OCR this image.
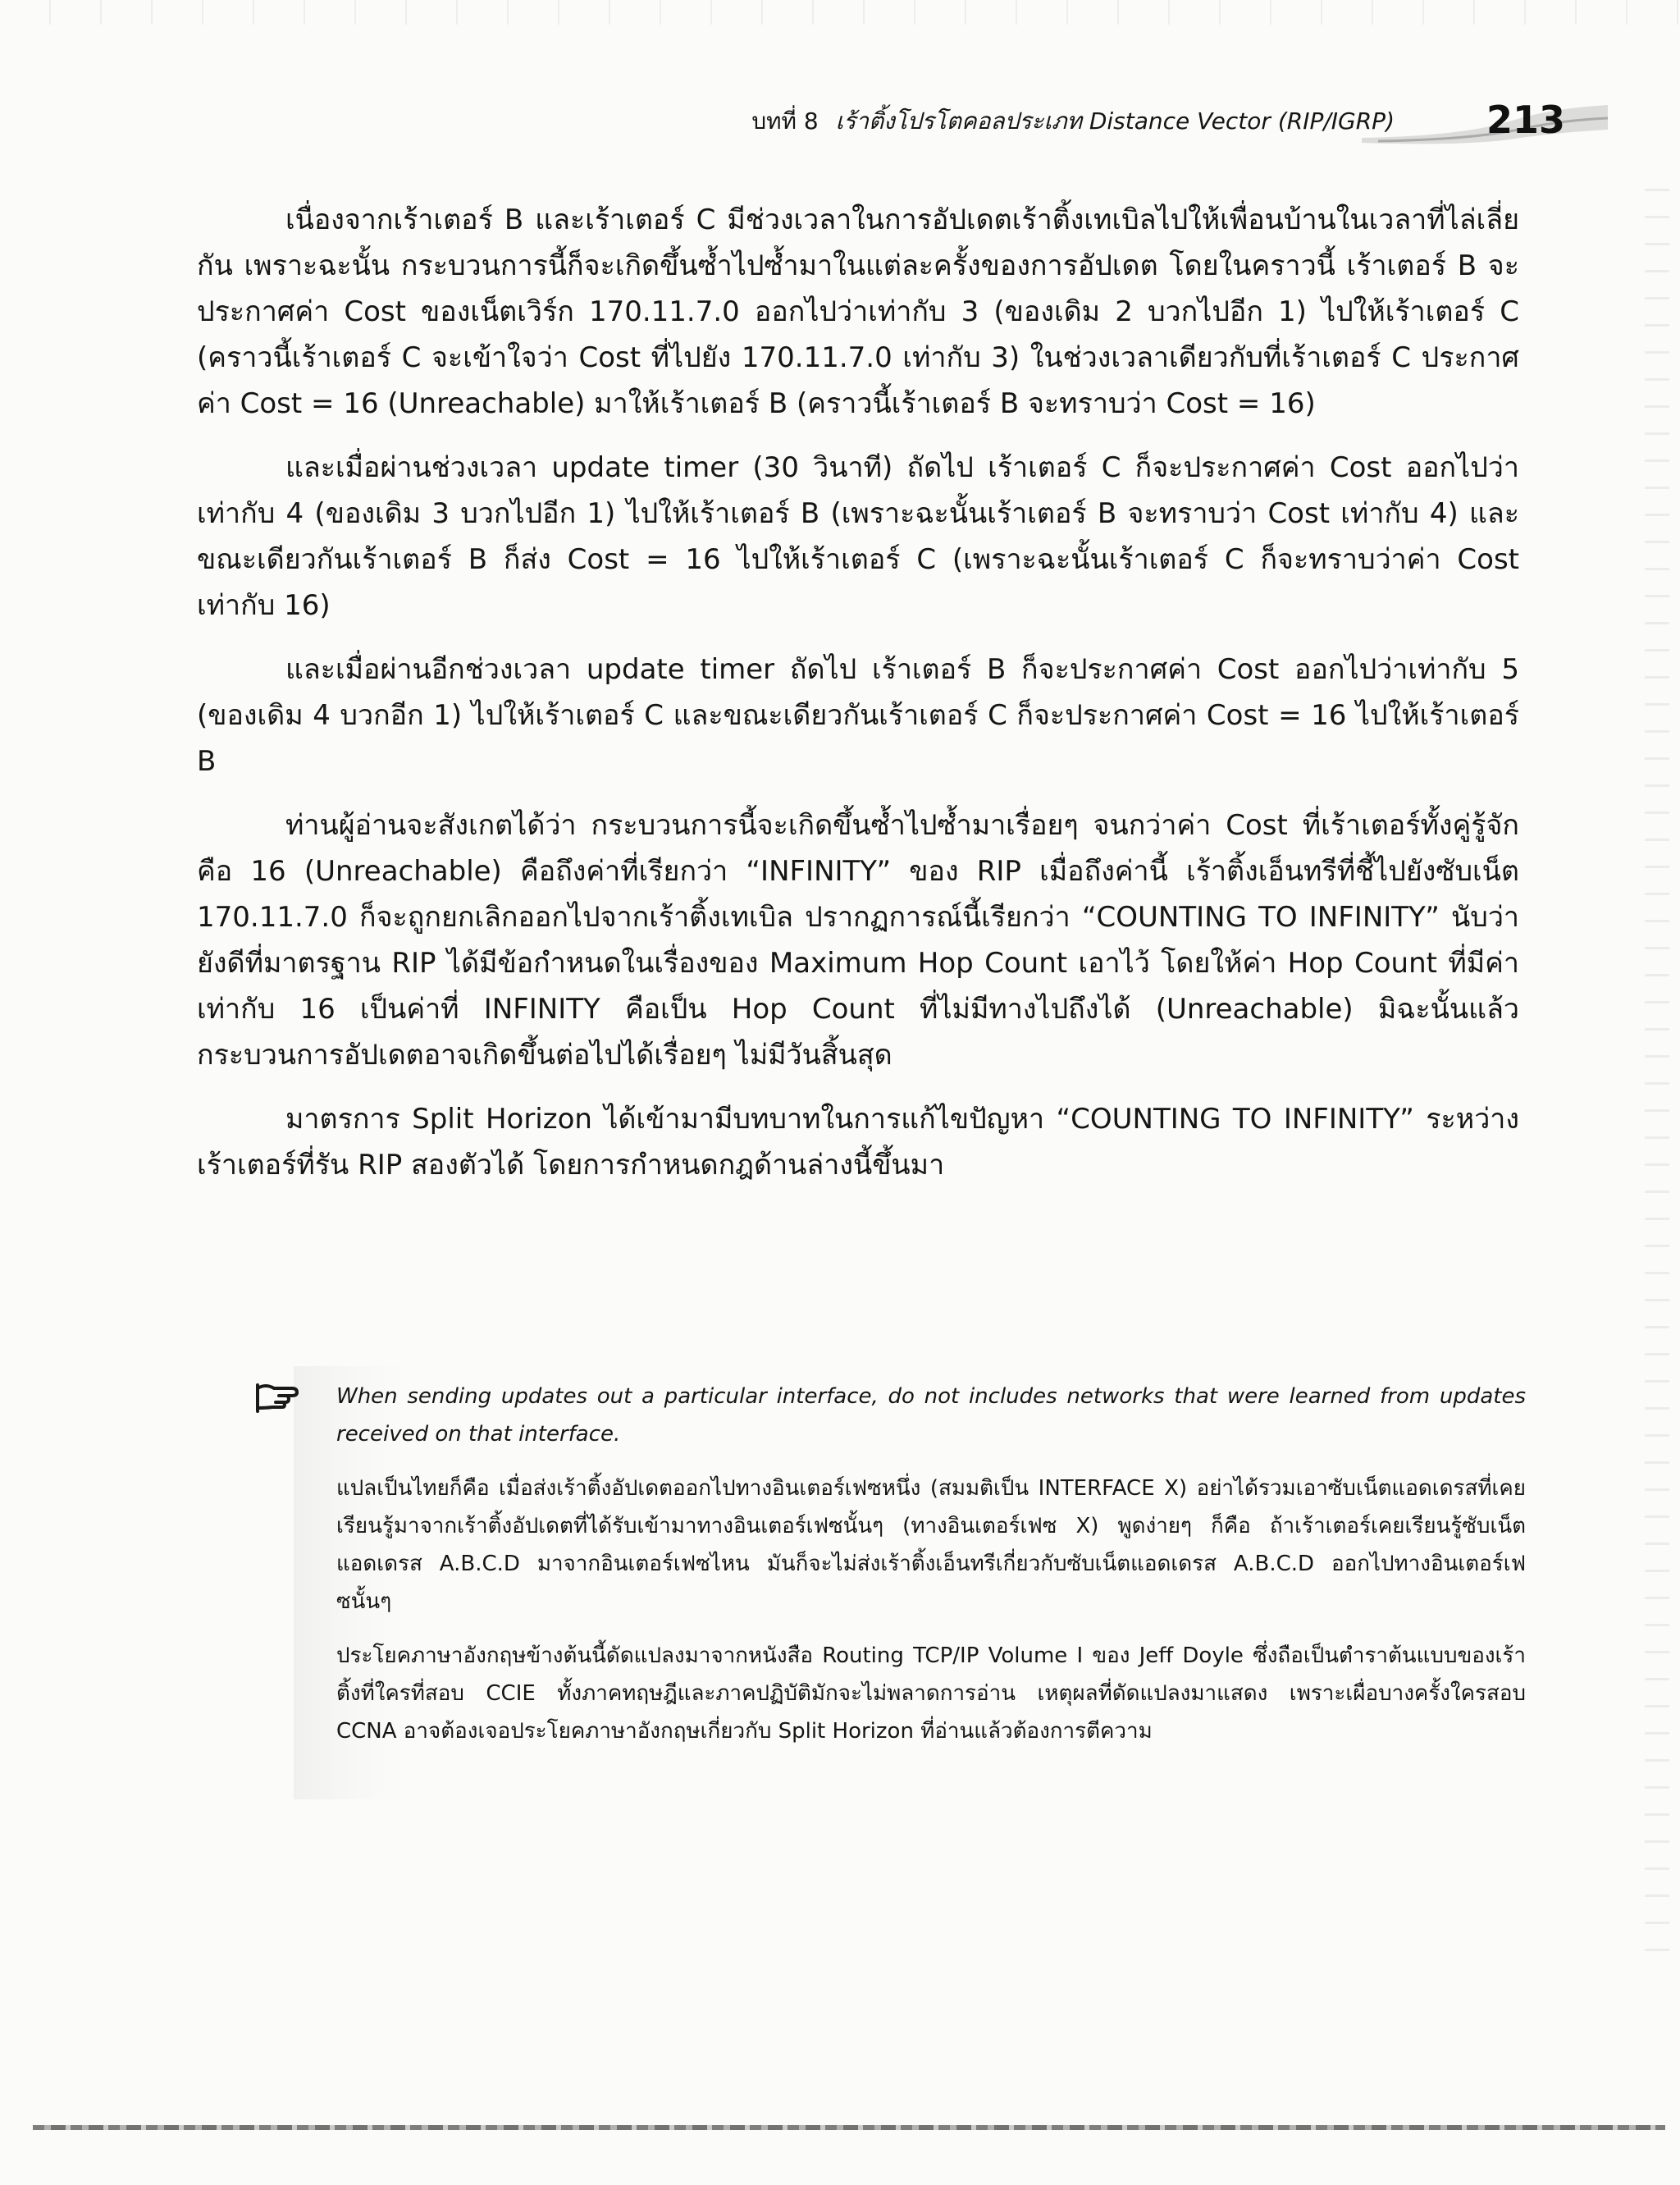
บทที่ 8 เร้าติ้งโปรโตคอลประเภท Distance Vector (RIP/IGRP) 213

เนื่องจากเร้าเตอร์ B และเร้าเตอร์ C มีช่วงเวลาในการอัปเดตเร้าติ้งเทเบิลไปให้เพื่อนบ้านในเวลาที่ไล่เลี่ยกัน เพราะฉะนั้น กระบวนการนี้ก็จะเกิดขึ้นซ้ำไปซ้ำมาในแต่ละครั้งของการอัปเดต โดยในคราวนี้ เร้าเตอร์ B จะประกาศค่า Cost ของเน็ตเวิร์ก 170.11.7.0 ออกไปว่าเท่ากับ 3 (ของเดิม 2 บวกไปอีก 1) ไปให้เร้าเตอร์ C (คราวนี้เร้าเตอร์ C จะเข้าใจว่า Cost ที่ไปยัง 170.11.7.0 เท่ากับ 3) ในช่วงเวลาเดียวกับที่เร้าเตอร์ C ประกาศค่า Cost = 16 (Unreachable) มาให้เร้าเตอร์ B (คราวนี้เร้าเตอร์ B จะทราบว่า Cost = 16)

และเมื่อผ่านช่วงเวลา update timer (30 วินาที) ถัดไป เร้าเตอร์ C ก็จะประกาศค่า Cost ออกไปว่าเท่ากับ 4 (ของเดิม 3 บวกไปอีก 1) ไปให้เร้าเตอร์ B (เพราะฉะนั้นเร้าเตอร์ B จะทราบว่า Cost เท่ากับ 4) และขณะเดียวกันเร้าเตอร์ B ก็ส่ง Cost = 16 ไปให้เร้าเตอร์ C (เพราะฉะนั้นเร้าเตอร์ C ก็จะทราบว่าค่า Cost เท่ากับ 16)

และเมื่อผ่านอีกช่วงเวลา update timer ถัดไป เร้าเตอร์ B ก็จะประกาศค่า Cost ออกไปว่าเท่ากับ 5 (ของเดิม 4 บวกอีก 1) ไปให้เร้าเตอร์ C และขณะเดียวกันเร้าเตอร์ C ก็จะประกาศค่า Cost = 16 ไปให้เร้าเตอร์ B

ท่านผู้อ่านจะสังเกตได้ว่า กระบวนการนี้จะเกิดขึ้นซ้ำไปซ้ำมาเรื่อยๆ จนกว่าค่า Cost ที่เร้าเตอร์ทั้งคู่รู้จัก คือ 16 (Unreachable) คือถึงค่าที่เรียกว่า “INFINITY” ของ RIP เมื่อถึงค่านี้ เร้าติ้งเอ็นทรีที่ชี้ไปยังซับเน็ต 170.11.7.0 ก็จะถูกยกเลิกออกไปจากเร้าติ้งเทเบิล ปรากฏการณ์นี้เรียกว่า “COUNTING TO INFINITY” นับว่ายังดีที่มาตรฐาน RIP ได้มีข้อกำหนดในเรื่องของ Maximum Hop Count เอาไว้ โดยให้ค่า Hop Count ที่มีค่าเท่ากับ 16 เป็นค่าที่ INFINITY คือเป็น Hop Count ที่ไม่มีทางไปถึงได้ (Unreachable) มิฉะนั้นแล้ว กระบวนการอัปเดตอาจเกิดขึ้นต่อไปได้เรื่อยๆ ไม่มีวันสิ้นสุด

มาตรการ Split Horizon ได้เข้ามามีบทบาทในการแก้ไขปัญหา “COUNTING TO INFINITY” ระหว่างเร้าเตอร์ที่รัน RIP สองตัวได้ โดยการกำหนดกฎด้านล่างนี้ขึ้นมา

When sending updates out a particular interface, do not includes networks that were learned from updates received on that interface.

แปลเป็นไทยก็คือ เมื่อส่งเร้าติ้งอัปเดตออกไปทางอินเตอร์เฟซหนึ่ง (สมมติเป็น INTERFACE X) อย่าได้รวมเอาซับเน็ตแอดเดรสที่เคยเรียนรู้มาจากเร้าติ้งอัปเดตที่ได้รับเข้ามาทางอินเตอร์เฟซนั้นๆ (ทางอินเตอร์เฟซ X) พูดง่ายๆ ก็คือ ถ้าเร้าเตอร์เคยเรียนรู้ซับเน็ตแอดเดรส A.B.C.D มาจากอินเตอร์เฟซไหน มันก็จะไม่ส่งเร้าติ้งเอ็นทรีเกี่ยวกับซับเน็ตแอดเดรส A.B.C.D ออกไปทางอินเตอร์เฟซนั้นๆ

ประโยคภาษาอังกฤษข้างต้นนี้ดัดแปลงมาจากหนังสือ Routing TCP/IP Volume I ของ Jeff Doyle ซึ่งถือเป็นตำราต้นแบบของเร้าติ้งที่ใครที่สอบ CCIE ทั้งภาคทฤษฎีและภาคปฏิบัติมักจะไม่พลาดการอ่าน เหตุผลที่ดัดแปลงมาแสดง เพราะเผื่อบางครั้งใครสอบ CCNA อาจต้องเจอประโยคภาษาอังกฤษเกี่ยวกับ Split Horizon ที่อ่านแล้วต้องการตีความ
